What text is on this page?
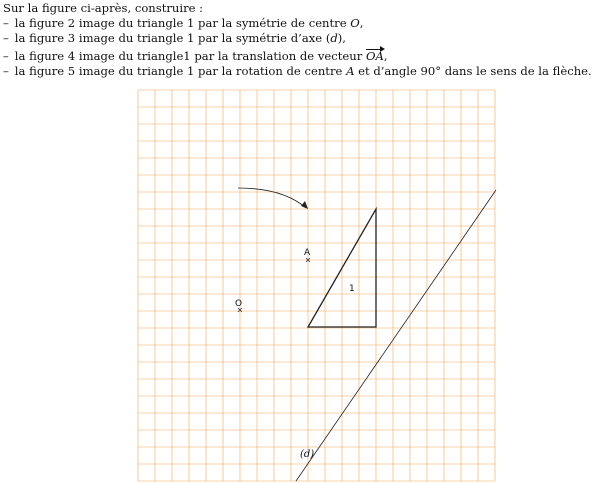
Sur la figure ci-après, construire :
– la figure 2 image du triangle 1 par la symétrie de centre O,
– la figure 3 image du triangle 1 par la symétrie d’axe (d),
– la figure 4 image du triangle1 par la translation de vecteur OA,
– la figure 5 image du triangle 1 par la rotation de centre A et d’angle 90° dans le sens de la flèche.
A
O
1
(d)
